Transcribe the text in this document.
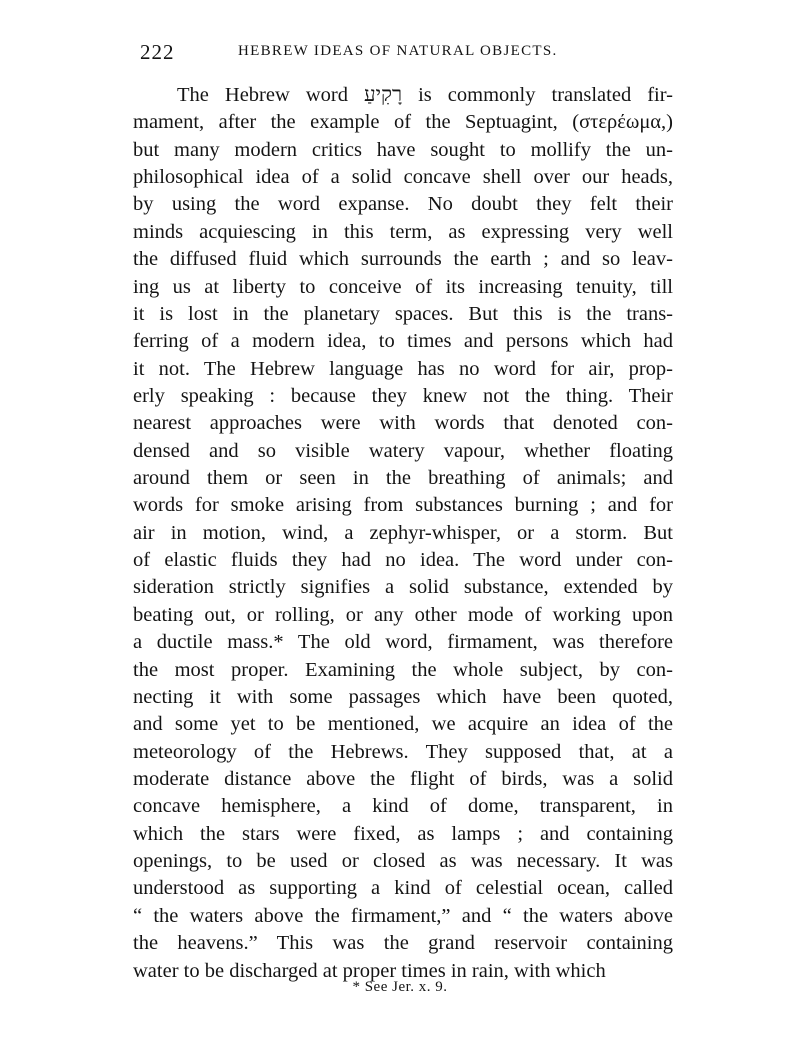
222	HEBREW IDEAS OF NATURAL OBJECTS.
The Hebrew word רָקִיעַ is commonly translated fir-
mament, after the example of the Septuagint, (στερέωμα,)
but many modern critics have sought to mollify the un-
philosophical idea of a solid concave shell over our heads,
by using the word expanse. No doubt they felt their
minds acquiescing in this term, as expressing very well
the diffused fluid which surrounds the earth ; and so leav-
ing us at liberty to conceive of its increasing tenuity, till
it is lost in the planetary spaces. But this is the trans-
ferring of a modern idea, to times and persons which had
it not. The Hebrew language has no word for air, prop-
erly speaking : because they knew not the thing. Their
nearest approaches were with words that denoted con-
densed and so visible watery vapour, whether floating
around them or seen in the breathing of animals; and
words for smoke arising from substances burning ; and for
air in motion, wind, a zephyr-whisper, or a storm. But
of elastic fluids they had no idea. The word under con-
sideration strictly signifies a solid substance, extended by
beating out, or rolling, or any other mode of working upon
a ductile mass.* The old word, firmament, was therefore
the most proper. Examining the whole subject, by con-
necting it with some passages which have been quoted,
and some yet to be mentioned, we acquire an idea of the
meteorology of the Hebrews. They supposed that, at a
moderate distance above the flight of birds, was a solid
concave hemisphere, a kind of dome, transparent, in
which the stars were fixed, as lamps ; and containing
openings, to be used or closed as was necessary. It was
understood as supporting a kind of celestial ocean, called
“ the waters above the firmament,” and “ the waters above
the heavens.” This was the grand reservoir containing
water to be discharged at proper times in rain, with which
* See Jer. x. 9.
